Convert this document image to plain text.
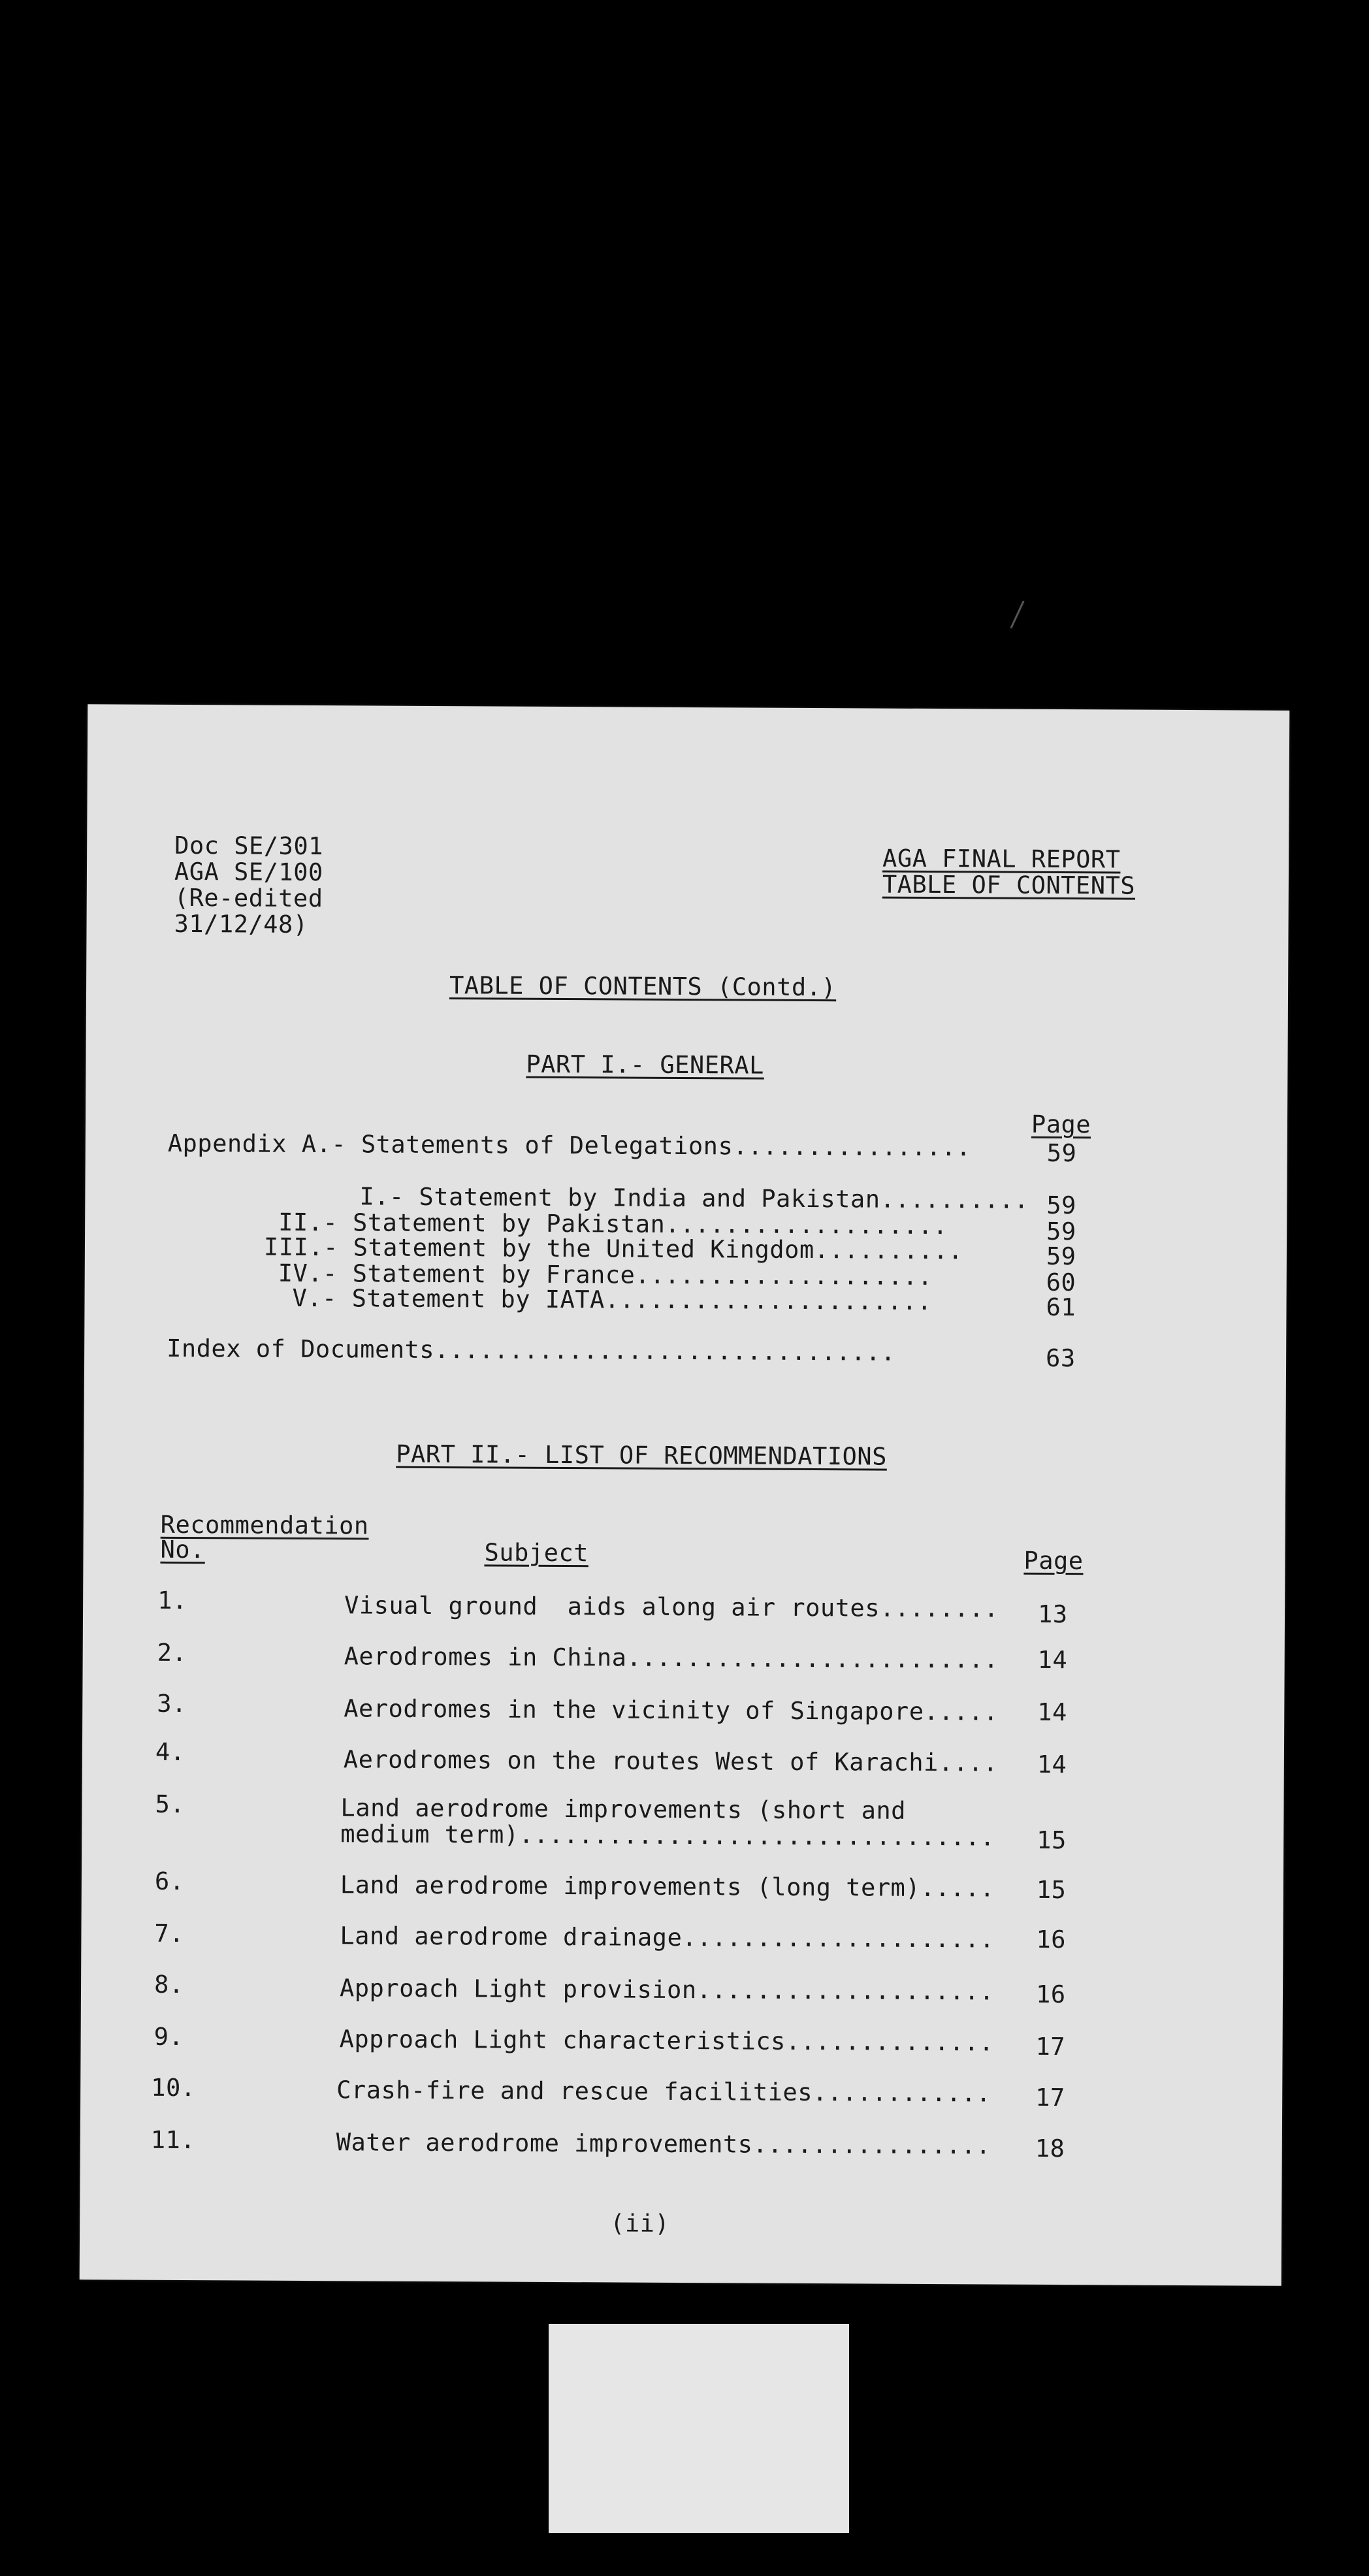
Doc SE/301
AGA SE/100
(Re-edited
31/12/48)
AGA FINAL REPORT
TABLE OF CONTENTS
TABLE OF CONTENTS (Contd.)
PART I.- GENERAL
Page
Appendix A.- Statements of Delegations................	59
I.- Statement by India and Pakistan.......... 59
II.- Statement by Pakistan...................	59
III.- Statement by the United Kingdom..........	59
IV.- Statement by France....................	60
V.- Statement by IATA......................	61
Index of Documents...............................	63
PART II.- LIST OF RECOMMENDATIONS
Recommendation
No.	Subject	Page
1.	Visual ground  aids along air routes........ 13
2.	Aerodromes in China......................... 14
3.	Aerodromes in the vicinity of Singapore..... 14
4.	Aerodromes on the routes West of Karachi.... 14
5.	Land aerodrome improvements (short and
medium term)................................ 15
6.	Land aerodrome improvements (long term)..... 15
7.	Land aerodrome drainage..................... 16
8.	Approach Light provision.................... 16
9.	Approach Light characteristics.............. 17
10.	Crash-fire and rescue facilities............ 17
11.	Water aerodrome improvements................ 18
(ii)
